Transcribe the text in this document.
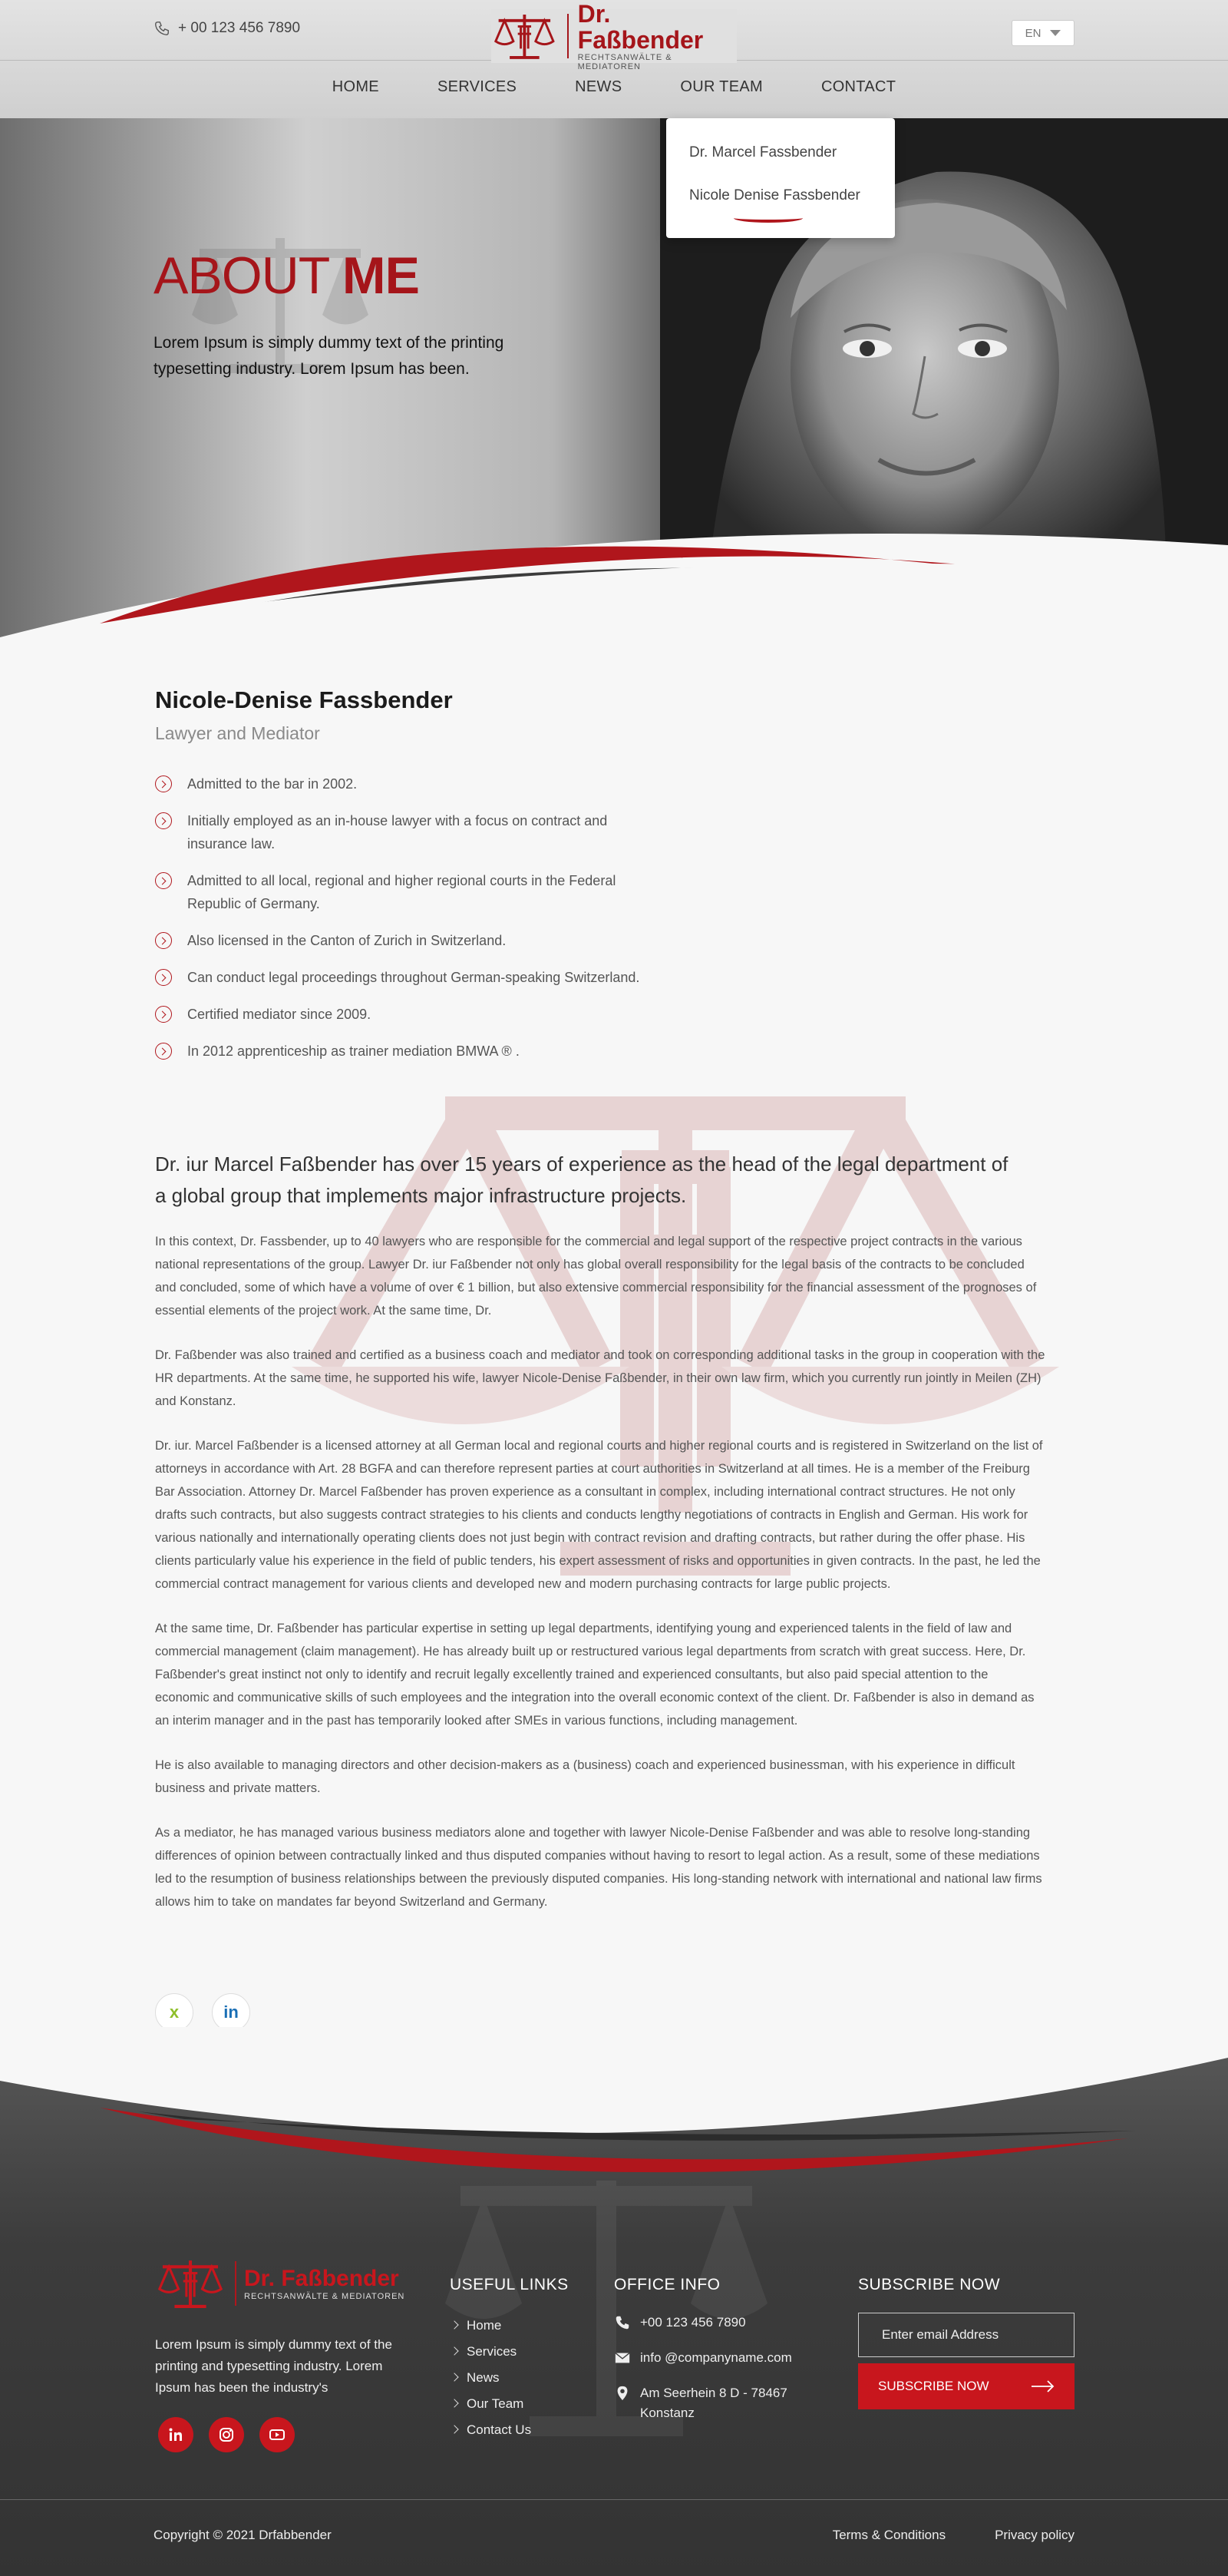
ABOUT ME

Lorem Ipsum is simply dummy text of the printing typesetting industry. Lorem Ipsum has been.

+ 00 123 456 7890
Dr. Faßbender
RECHTSANWÄLTE & MEDIATOREN
EN
HOME	SERVICES	NEWS	OUR TEAM	CONTACT
Dr. Marcel Fassbender
Nicole Denise Fassbender
Nicole-Denise Fassbender
Lawyer and Mediator
Admitted to the bar in 2002.
Initially employed as an in-house lawyer with a focus on contract and insurance law.
Admitted to all local, regional and higher regional courts in the Federal Republic of Germany.
Also licensed in the Canton of Zurich in Switzerland.
Can conduct legal proceedings throughout German-speaking Switzerland.
Certified mediator since 2009.
In 2012 apprenticeship as trainer mediation BMWA ® .

Dr. iur Marcel Faßbender has over 15 years of experience as the head of the legal department of a global group that implements major infrastructure projects.

In this context, Dr. Fassbender, up to 40 lawyers who are responsible for the commercial and legal support of the respective project contracts in the various national representations of the group. Lawyer Dr. iur Faßbender not only has global overall responsibility for the legal basis of the contracts to be concluded and concluded, some of which have a volume of over € 1 billion, but also extensive commercial responsibility for the financial assessment of the prognoses of essential elements of the project work. At the same time, Dr.

Dr. Faßbender was also trained and certified as a business coach and mediator and took on corresponding additional tasks in the group in cooperation with the HR departments. At the same time, he supported his wife, lawyer Nicole-Denise Faßbender, in their own law firm, which you currently run jointly in Meilen (ZH) and Konstanz.

Dr. iur. Marcel Faßbender is a licensed attorney at all German local and regional courts and higher regional courts and is registered in Switzerland on the list of attorneys in accordance with Art. 28 BGFA and can therefore represent parties at court authorities in Switzerland at all times. He is a member of the Freiburg Bar Association. Attorney Dr. Marcel Faßbender has proven experience as a consultant in complex, including international contract structures. He not only drafts such contracts, but also suggests contract strategies to his clients and conducts lengthy negotiations of contracts in English and German. His work for various nationally and internationally operating clients does not just begin with contract revision and drafting contracts, but rather during the offer phase. His clients particularly value his experience in the field of public tenders, his expert assessment of risks and opportunities in given contracts. In the past, he led the commercial contract management for various clients and developed new and modern purchasing contracts for large public projects.

At the same time, Dr. Faßbender has particular expertise in setting up legal departments, identifying young and experienced talents in the field of law and commercial management (claim management). He has already built up or restructured various legal departments from scratch with great success. Here, Dr. Faßbender's great instinct not only to identify and recruit legally excellently trained and experienced consultants, but also paid special attention to the economic and communicative skills of such employees and the integration into the overall economic context of the client. Dr. Faßbender is also in demand as an interim manager and in the past has temporarily looked after SMEs in various functions, including management.

He is also available to managing directors and other decision-makers as a (business) coach and experienced businessman, with his experience in difficult business and private matters.

As a mediator, he has managed various business mediators alone and together with lawyer Nicole-Denise Faßbender and was able to resolve long-standing differences of opinion between contractually linked and thus disputed companies without having to resort to legal action. As a result, some of these mediations led to the resumption of business relationships between the previously disputed companies. His long-standing network with international and national law firms allows him to take on mandates far beyond Switzerland and Germany.

x	in
Dr. Faßbender
RECHTSANWÄLTE & MEDIATOREN

Lorem Ipsum is simply dummy text of the printing and typesetting industry. Lorem Ipsum has been the industry's

USEFUL LINKS
Home
Services
News
Our Team
Contact Us
OFFICE INFO
+00 123 456 7890
info @companyname.com
Am Seerhein 8 D - 78467 Konstanz
SUBSCRIBE NOW
Enter email Address
SUBSCRIBE NOW
Copyright © 2021 Drfabbender	Terms & Conditions	Privacy policy
